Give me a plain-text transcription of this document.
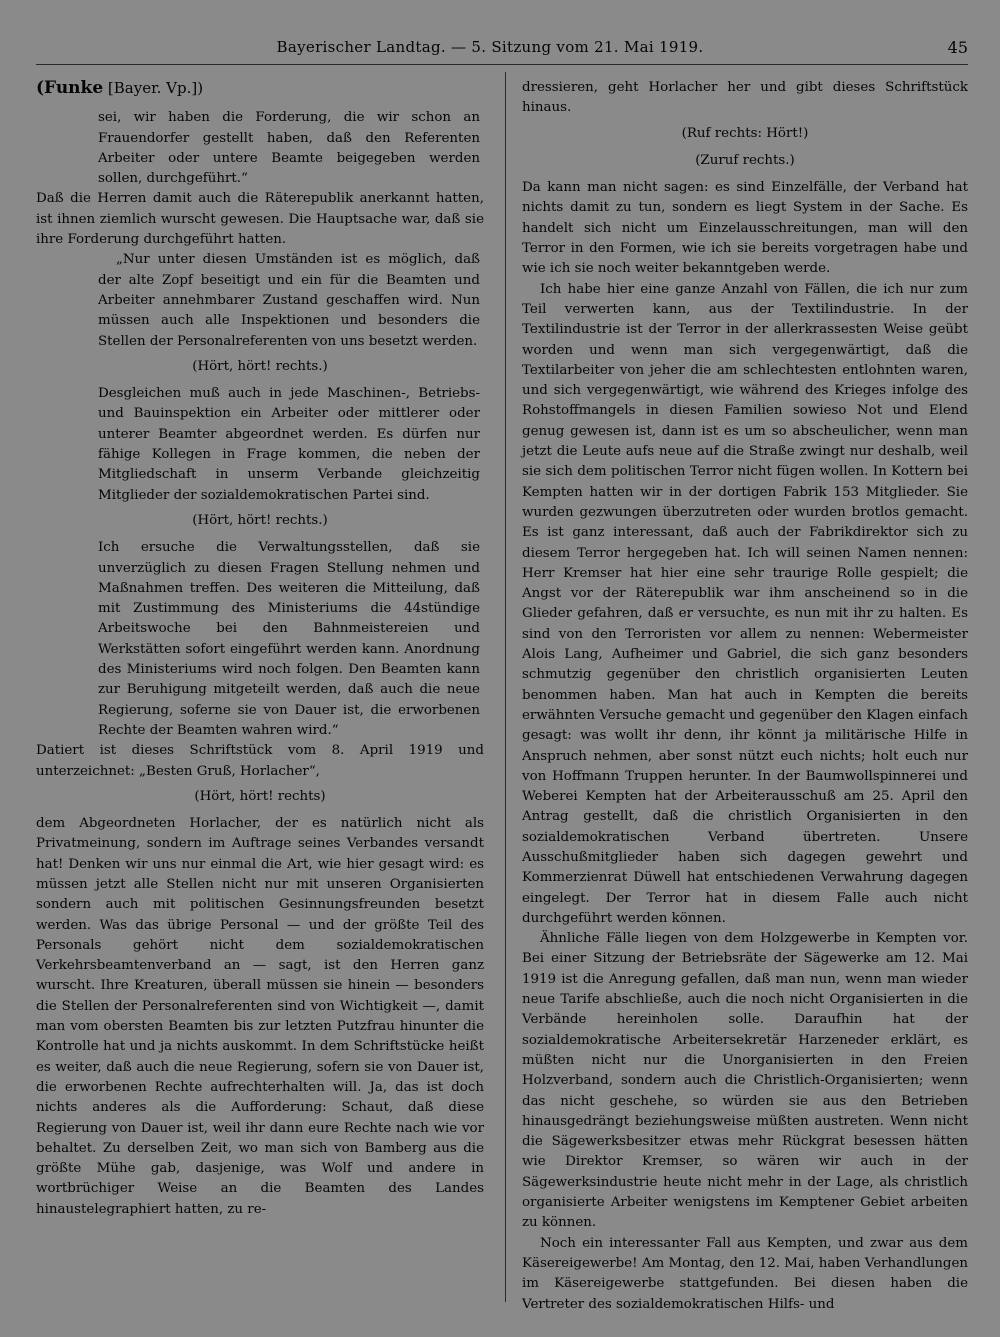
Bayerischer Landtag. — 5. Sitzung vom 21. Mai 1919.	45
(Funke [Bayer. Vp.])

sei, wir haben die Forderung, die wir schon an Frauendorfer gestellt haben, daß den Referenten Arbeiter oder untere Beamte beigegeben werden sollen, durchgeführt.“

Daß die Herren damit auch die Räterepublik anerkannt hatten, ist ihnen ziemlich wurscht gewesen. Die Hauptsache war, daß sie ihre Forderung durchgeführt hatten.

„Nur unter diesen Umständen ist es möglich, daß der alte Zopf beseitigt und ein für die Beamten und Arbeiter annehmbarer Zustand geschaffen wird. Nun müssen auch alle Inspektionen und besonders die Stellen der Personalreferenten von uns besetzt werden.

(Hört, hört! rechts.)

Desgleichen muß auch in jede Maschinen-, Betriebs- und Bauinspektion ein Arbeiter oder mittlerer oder unterer Beamter abgeordnet werden. Es dürfen nur fähige Kollegen in Frage kommen, die neben der Mitgliedschaft in unserm Verbande gleichzeitig Mitglieder der sozialdemokratischen Partei sind.

(Hört, hört! rechts.)

Ich ersuche die Verwaltungsstellen, daß sie unverzüglich zu diesen Fragen Stellung nehmen und Maßnahmen treffen. Des weiteren die Mitteilung, daß mit Zustimmung des Ministeriums die 44stündige Arbeitswoche bei den Bahnmeistereien und Werkstätten sofort eingeführt werden kann. Anordnung des Ministeriums wird noch folgen. Den Beamten kann zur Beruhigung mitgeteilt werden, daß auch die neue Regierung, soferne sie von Dauer ist, die erworbenen Rechte der Beamten wahren wird.“

Datiert ist dieses Schriftstück vom 8. April 1919 und unterzeichnet: „Besten Gruß, Horlacher“,

(Hört, hört! rechts)

dem Abgeordneten Horlacher, der es natürlich nicht als Privatmeinung, sondern im Auftrage seines Verbandes versandt hat! Denken wir uns nur einmal die Art, wie hier gesagt wird: es müssen jetzt alle Stellen nicht nur mit unseren Organisierten sondern auch mit politischen Gesinnungsfreunden besetzt werden. Was das übrige Personal — und der größte Teil des Personals gehört nicht dem sozialdemokratischen Verkehrsbeamtenverband an — sagt, ist den Herren ganz wurscht. Ihre Kreaturen, überall müssen sie hinein — besonders die Stellen der Personalreferenten sind von Wichtigkeit —, damit man vom obersten Beamten bis zur letzten Putzfrau hinunter die Kontrolle hat und ja nichts auskommt. In dem Schriftstücke heißt es weiter, daß auch die neue Regierung, sofern sie von Dauer ist, die erworbenen Rechte aufrechterhalten will. Ja, das ist doch nichts anderes als die Aufforderung: Schaut, daß diese Regierung von Dauer ist, weil ihr dann eure Rechte nach wie vor behaltet. Zu derselben Zeit, wo man sich von Bamberg aus die größte Mühe gab, dasjenige, was Wolf und andere in wortbrüchiger Weise an die Beamten des Landes hinaustelegraphiert hatten, zu re-

dressieren, geht Horlacher her und gibt dieses Schriftstück hinaus.

(Ruf rechts: Hört!)

(Zuruf rechts.)

Da kann man nicht sagen: es sind Einzelfälle, der Verband hat nichts damit zu tun, sondern es liegt System in der Sache. Es handelt sich nicht um Einzelausschreitungen, man will den Terror in den Formen, wie ich sie bereits vorgetragen habe und wie ich sie noch weiter bekanntgeben werde.

Ich habe hier eine ganze Anzahl von Fällen, die ich nur zum Teil verwerten kann, aus der Textilindustrie. In der Textilindustrie ist der Terror in der allerkrassesten Weise geübt worden und wenn man sich vergegenwärtigt, daß die Textilarbeiter von jeher die am schlechtesten entlohnten waren, und sich vergegenwärtigt, wie während des Krieges infolge des Rohstoffmangels in diesen Familien sowieso Not und Elend genug gewesen ist, dann ist es um so abscheulicher, wenn man jetzt die Leute aufs neue auf die Straße zwingt nur deshalb, weil sie sich dem politischen Terror nicht fügen wollen. In Kottern bei Kempten hatten wir in der dortigen Fabrik 153 Mitglieder. Sie wurden gezwungen überzutreten oder wurden brotlos gemacht. Es ist ganz interessant, daß auch der Fabrikdirektor sich zu diesem Terror hergegeben hat. Ich will seinen Namen nennen: Herr Kremser hat hier eine sehr traurige Rolle gespielt; die Angst vor der Räterepublik war ihm anscheinend so in die Glieder gefahren, daß er versuchte, es nun mit ihr zu halten. Es sind von den Terroristen vor allem zu nennen: Webermeister Alois Lang, Aufheimer und Gabriel, die sich ganz besonders schmutzig gegenüber den christlich organisierten Leuten benommen haben. Man hat auch in Kempten die bereits erwähnten Versuche gemacht und gegenüber den Klagen einfach gesagt: was wollt ihr denn, ihr könnt ja militärische Hilfe in Anspruch nehmen, aber sonst nützt euch nichts; holt euch nur von Hoffmann Truppen herunter. In der Baumwollspinnerei und Weberei Kempten hat der Arbeiterausschuß am 25. April den Antrag gestellt, daß die christlich Organisierten in den sozialdemokratischen Verband übertreten. Unsere Ausschußmitglieder haben sich dagegen gewehrt und Kommerzienrat Düwell hat entschiedenen Verwahrung dagegen eingelegt. Der Terror hat in diesem Falle auch nicht durchgeführt werden können.

Ähnliche Fälle liegen von dem Holzgewerbe in Kempten vor. Bei einer Sitzung der Betriebsräte der Sägewerke am 12. Mai 1919 ist die Anregung gefallen, daß man nun, wenn man wieder neue Tarife abschließe, auch die noch nicht Organisierten in die Verbände hereinholen solle. Daraufhin hat der sozialdemokratische Arbeitersekretär Harzeneder erklärt, es müßten nicht nur die Unorganisierten in den Freien Holzverband, sondern auch die Christlich-Organisierten; wenn das nicht geschehe, so würden sie aus den Betrieben hinausgedrängt beziehungsweise müßten austreten. Wenn nicht die Sägewerksbesitzer etwas mehr Rückgrat besessen hätten wie Direktor Kremser, so wären wir auch in der Sägewerksindustrie heute nicht mehr in der Lage, als christlich organisierte Arbeiter wenigstens im Kemptener Gebiet arbeiten zu können.

Noch ein interessanter Fall aus Kempten, und zwar aus dem Käsereigewerbe! Am Montag, den 12. Mai, haben Verhandlungen im Käsereigewerbe stattgefunden. Bei diesen haben die Vertreter des sozialdemokratischen Hilfs- und
